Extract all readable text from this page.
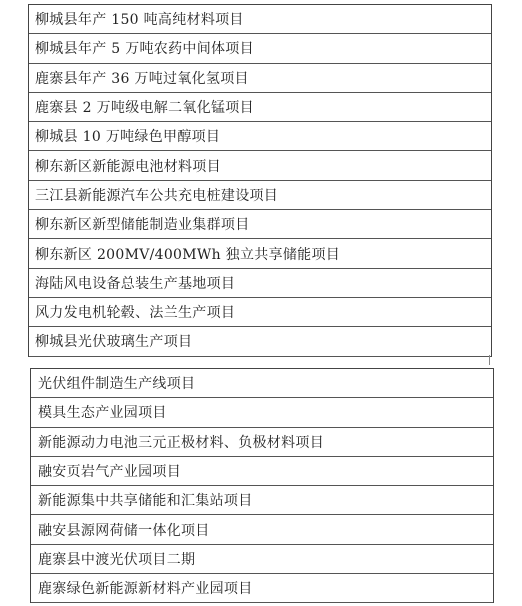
柳城县年产 150 吨高纯材料项目
柳城县年产 5 万吨农药中间体项目
鹿寨县年产 36 万吨过氧化氢项目
鹿寨县 2 万吨级电解二氧化锰项目
柳城县 10 万吨绿色甲醇项目
柳东新区新能源电池材料项目
三江县新能源汽车公共充电桩建设项目
柳东新区新型储能制造业集群项目
柳东新区 200MV/400MWh 独立共享储能项目
海陆风电设备总装生产基地项目
风力发电机轮毂、法兰生产项目
柳城县光伏玻璃生产项目
光伏组件制造生产线项目
模具生态产业园项目
新能源动力电池三元正极材料、负极材料项目
融安页岩气产业园项目
新能源集中共享储能和汇集站项目
融安县源网荷储一体化项目
鹿寨县中渡光伏项目二期
鹿寨绿色新能源新材料产业园项目
